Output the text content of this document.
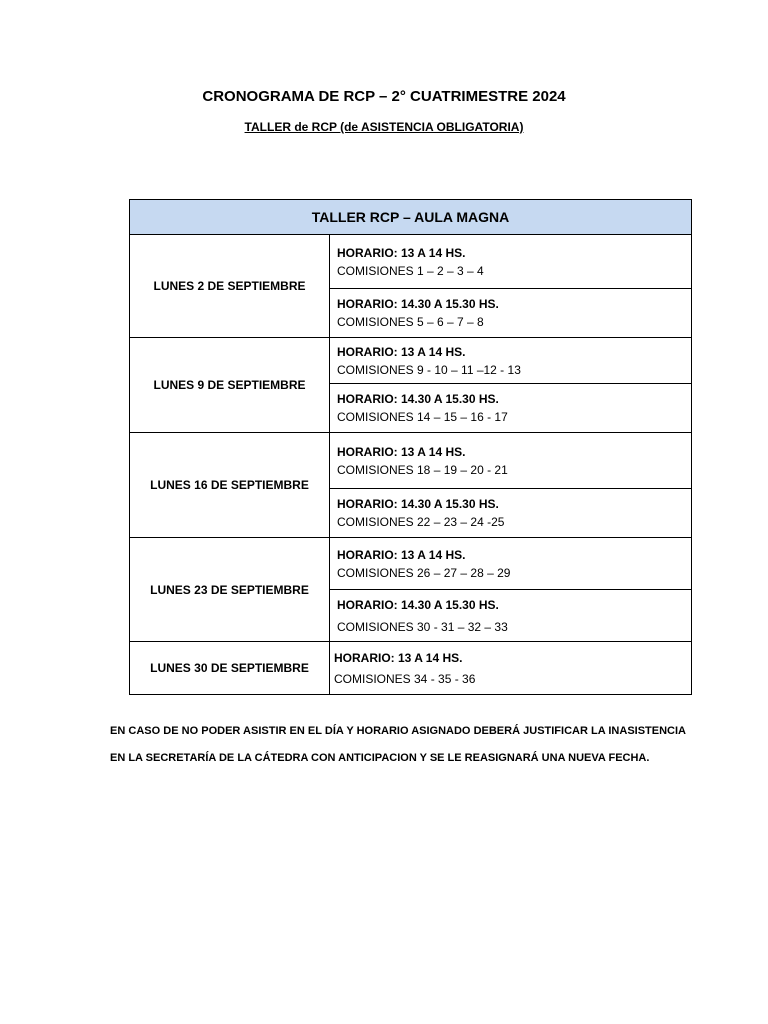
CRONOGRAMA DE RCP – 2° CUATRIMESTRE 2024
TALLER de RCP (de ASISTENCIA OBLIGATORIA)
TALLER RCP – AULA MAGNA	
LUNES 2 DE SEPTIEMBRE	HORARIO: 13 A 14 HS.
COMISIONES 1 – 2 – 3 – 4

	HORARIO: 14.30 A 15.30 HS.
COMISIONES 5 – 6 – 7 – 8

LUNES 9 DE SEPTIEMBRE	HORARIO: 13 A 14 HS.
COMISIONES 9 - 10 – 11 –12 - 13

	HORARIO: 14.30 A 15.30 HS.
COMISIONES 14 – 15 – 16 - 17

LUNES 16 DE SEPTIEMBRE	HORARIO: 13 A 14 HS.
COMISIONES 18 – 19 – 20 - 21

	HORARIO: 14.30 A 15.30 HS.
COMISIONES 22 – 23 – 24 -25

LUNES 23 DE SEPTIEMBRE	HORARIO: 13 A 14 HS.
COMISIONES 26 – 27 – 28 – 29

	HORARIO: 14.30 A 15.30 HS.
COMISIONES 30 - 31 – 32 – 33

LUNES 30 DE SEPTIEMBRE	HORARIO: 13 A 14 HS.
COMISIONES 34 - 35 - 36
EN CASO DE NO PODER ASISTIR EN EL DÍA Y HORARIO ASIGNADO DEBERÁ JUSTIFICAR LA INASISTENCIA EN LA SECRETARÍA DE LA CÁTEDRA CON ANTICIPACION Y SE LE REASIGNARÁ UNA NUEVA FECHA.
